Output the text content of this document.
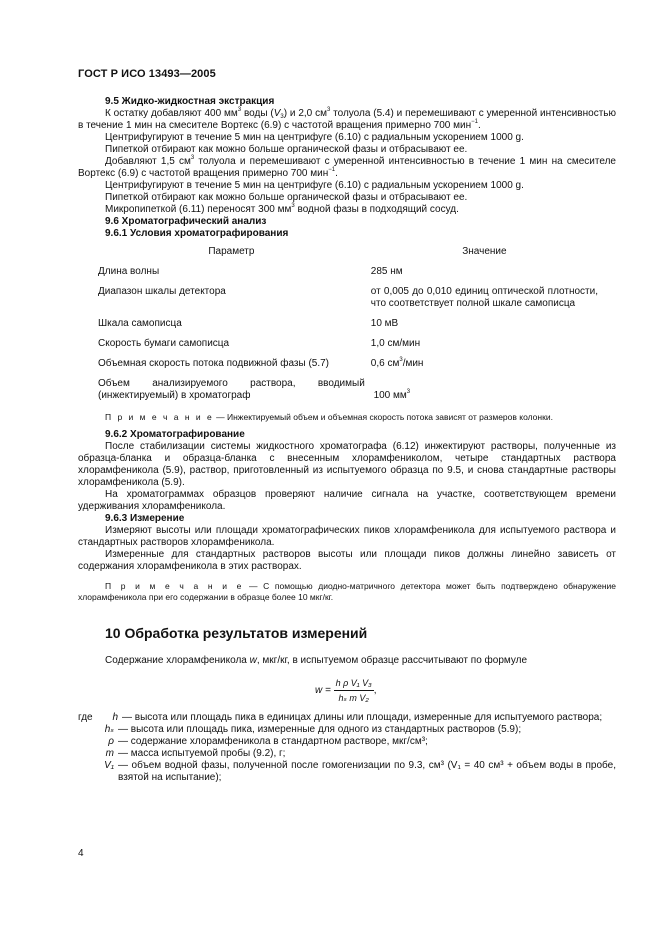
ГОСТ Р ИСО 13493—2005

9.5 Жидко-жидкостная экстракция

К остатку добавляют 400 $мм^3$ воды $(V_3)$ и 2,0 $см^3$ толуола (5.4) и перемешивают с умеренной интенсивностью в течение 1 мин на смесителе Вортекс (6.9) с частотой вращения примерно 700 мин$^{-1}$.

Центрифугируют в течение 5 мин на центрифуге (6.10) с радиальным ускорением 1000 g.

Пипеткой отбирают как можно больше органической фазы и отбрасывают ее.

Добавляют 1,5 $см^3$ толуола и перемешивают с умеренной интенсивностью в течение 1 мин на смесителе Вортекс (6.9) с частотой вращения примерно 700 мин$^{-1}$.

Центрифугируют в течение 5 мин на центрифуге (6.10) с радиальным ускорением 1000 g.

Пипеткой отбирают как можно больше органической фазы и отбрасывают ее.

Микропипеткой (6.11) переносят 300 $мм^3$ водной фазы в подходящий сосуд.

9.6 Хроматографический анализ

9.6.1 Условия хроматографирования

Параметр	Значение
Длина волны	285 нм
Диапазон шкалы детектора	от 0,005 до 0,010 единиц оптической плотности, что соответствует полной шкале самописца
Шкала самописца	10 мВ
Скорость бумаги самописца	1,0 см/мин
Объемная скорость потока подвижной фазы (5.7)	0,6 $см^3$/мин
Объем анализируемого раствора, вводимый (инжектируемый) в хроматограф	100 $мм^3$

П р и м е ч а н и е — Инжектируемый объем и объемная скорость потока зависят от размеров колонки.

9.6.2 Хроматографирование

После стабилизации системы жидкостного хроматографа (6.12) инжектируют растворы, полученные из образца-бланка и образца-бланка с внесенным хлорамфениколом, четыре стандартных раствора хлорамфеникола (5.9), раствор, приготовленный из испытуемого образца по 9.5, и снова стандартные растворы хлорамфеникола (5.9).

На хроматограммах образцов проверяют наличие сигнала на участке, соответствующем времени удерживания хлорамфеникола.

9.6.3 Измерение

Измеряют высоты или площади хроматографических пиков хлорамфеникола для испытуемого раствора и стандартных растворов хлорамфеникола.

Измеренные для стандартных растворов высоты или площади пиков должны линейно зависеть от содержания хлорамфеникола в этих растворах.

П р и м е ч а н и е — С помощью диодно-матричного детектора может быть подтверждено обнаружение хлорамфеникола при его содержании в образце более 10 мкг/кг.

10 Обработка результатов измерений

Содержание хлорамфеникола w, мкг/кг, в испытуемом образце рассчитывают по формуле

$w = \frac{\text{h ρ V₁ V₃}}{\text{hₛ m V₂}}$ ,
где h — высота или площадь пика в единицах длины или площади, измеренные для испытуемого раствора;
hₛ — высота или площадь пика, измеренные для одного из стандартных растворов (5.9);
ρ — содержание хлорамфеникола в стандартном растворе, мкг/см³;
m — масса испытуемой пробы (9.2), г;
V₁ — объем водной фазы, полученной после гомогенизации по 9.3, см³ (V₁ = 40 см³ + объем воды в пробе, взятой на испытание);
4
